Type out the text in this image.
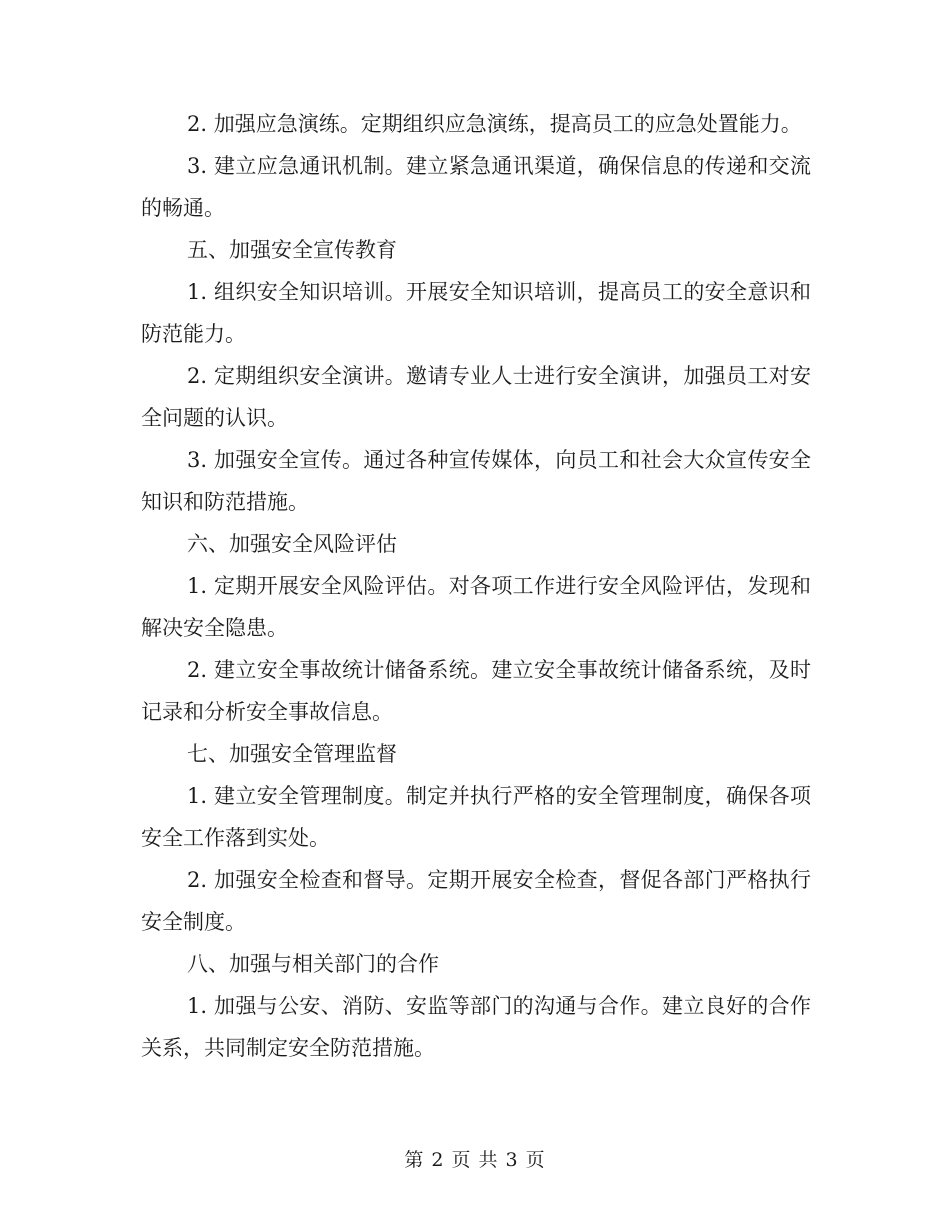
2. 加强应急演练。定期组织应急演练，提高员工的应急处置能力。

3. 建立应急通讯机制。建立紧急通讯渠道，确保信息的传递和交流的畅通。

五、加强安全宣传教育

1. 组织安全知识培训。开展安全知识培训，提高员工的安全意识和防范能力。

2. 定期组织安全演讲。邀请专业人士进行安全演讲，加强员工对安全问题的认识。

3. 加强安全宣传。通过各种宣传媒体，向员工和社会大众宣传安全知识和防范措施。

六、加强安全风险评估

1. 定期开展安全风险评估。对各项工作进行安全风险评估，发现和解决安全隐患。

2. 建立安全事故统计储备系统。建立安全事故统计储备系统，及时记录和分析安全事故信息。

七、加强安全管理监督

1. 建立安全管理制度。制定并执行严格的安全管理制度，确保各项安全工作落到实处。

2. 加强安全检查和督导。定期开展安全检查，督促各部门严格执行安全制度。

八、加强与相关部门的合作

1. 加强与公安、消防、安监等部门的沟通与合作。建立良好的合作关系，共同制定安全防范措施。

第 2 页 共 3 页
